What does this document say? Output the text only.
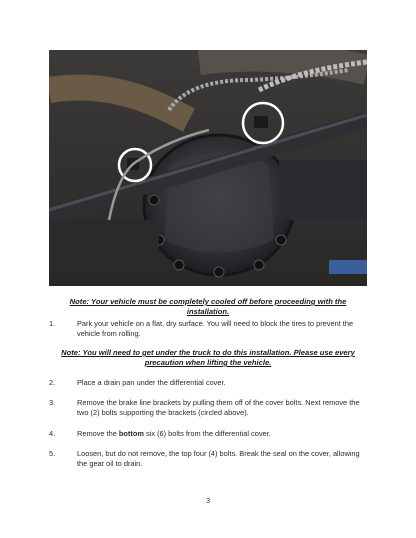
Note: Your vehicle must be completely cooled off before proceeding with the installation.
1.	Park your vehicle on a flat, dry surface. You will need to block the tires to prevent the vehicle from rolling.
Note: You will need to get under the truck to do this installation. Please use every precaution when lifting the vehicle.
2.	Place a drain pan under the differential cover.
3.	Remove the brake line brackets by pulling them off of the cover bolts. Next remove the two (2) bolts supporting the brackets (circled above).
4.	Remove the bottom six (6) bolts from the differential cover.
5.	Loosen, but do not remove, the top four (4) bolts. Break the seal on the cover, allowing the gear oil to drain.
3
